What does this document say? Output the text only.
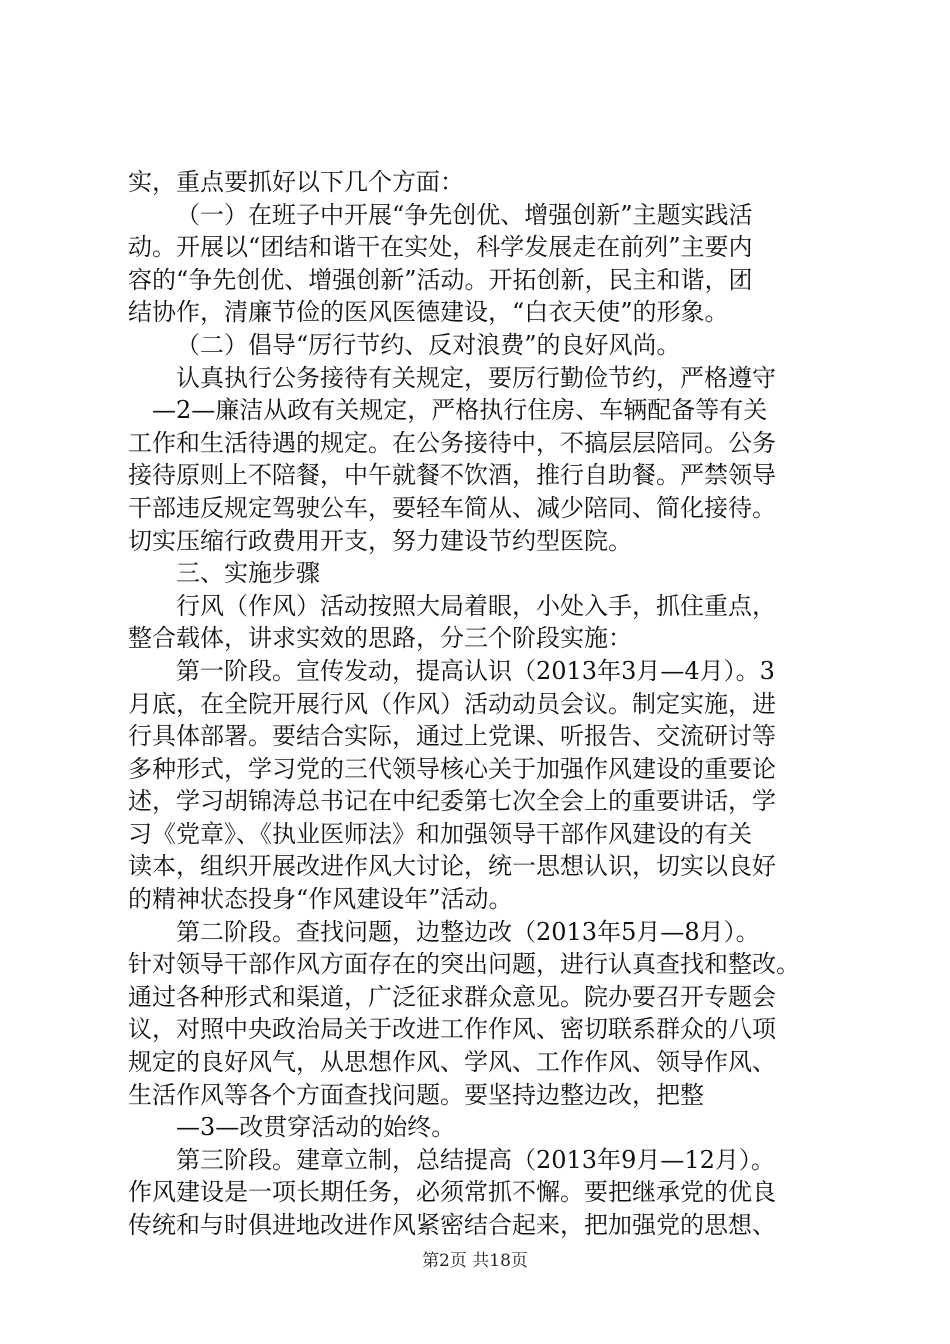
实，重点要抓好以下几个方面：
（一）在班子中开展“争先创优、增强创新”主题实践活
动。开展以“团结和谐干在实处，科学发展走在前列”主要内
容的“争先创优、增强创新”活动。开拓创新，民主和谐，团
结协作，清廉节俭的医风医德建设，“白衣天使”的形象。
（二）倡导“厉行节约、反对浪费”的良好风尚。
认真执行公务接待有关规定，要厉行勤俭节约，严格遵守
—2—廉洁从政有关规定，严格执行住房、车辆配备等有关
工作和生活待遇的规定。在公务接待中，不搞层层陪同。公务
接待原则上不陪餐，中午就餐不饮酒，推行自助餐。严禁领导
干部违反规定驾驶公车，要轻车简从、减少陪同、简化接待。
切实压缩行政费用开支，努力建设节约型医院。
三、实施步骤
行风（作风）活动按照大局着眼，小处入手，抓住重点，
整合载体，讲求实效的思路，分三个阶段实施：
第一阶段。宣传发动，提高认识（2013年3月—4月）。3
月底，在全院开展行风（作风）活动动员会议。制定实施，进
行具体部署。要结合实际，通过上党课、听报告、交流研讨等
多种形式，学习党的三代领导核心关于加强作风建设的重要论
述，学习胡锦涛总书记在中纪委第七次全会上的重要讲话，学
习《党章》、《执业医师法》和加强领导干部作风建设的有关
读本，组织开展改进作风大讨论，统一思想认识，切实以良好
的精神状态投身“作风建设年”活动。
第二阶段。查找问题，边整边改（2013年5月—8月）。
针对领导干部作风方面存在的突出问题，进行认真查找和整改。
通过各种形式和渠道，广泛征求群众意见。院办要召开专题会
议，对照中央政治局关于改进工作作风、密切联系群众的八项
规定的良好风气，从思想作风、学风、工作作风、领导作风、
生活作风等各个方面查找问题。要坚持边整边改，把整
—3—改贯穿活动的始终。
第三阶段。建章立制，总结提高（2013年9月—12月）。
作风建设是一项长期任务，必须常抓不懈。要把继承党的优良
传统和与时俱进地改进作风紧密结合起来，把加强党的思想、
第2页 共18页
